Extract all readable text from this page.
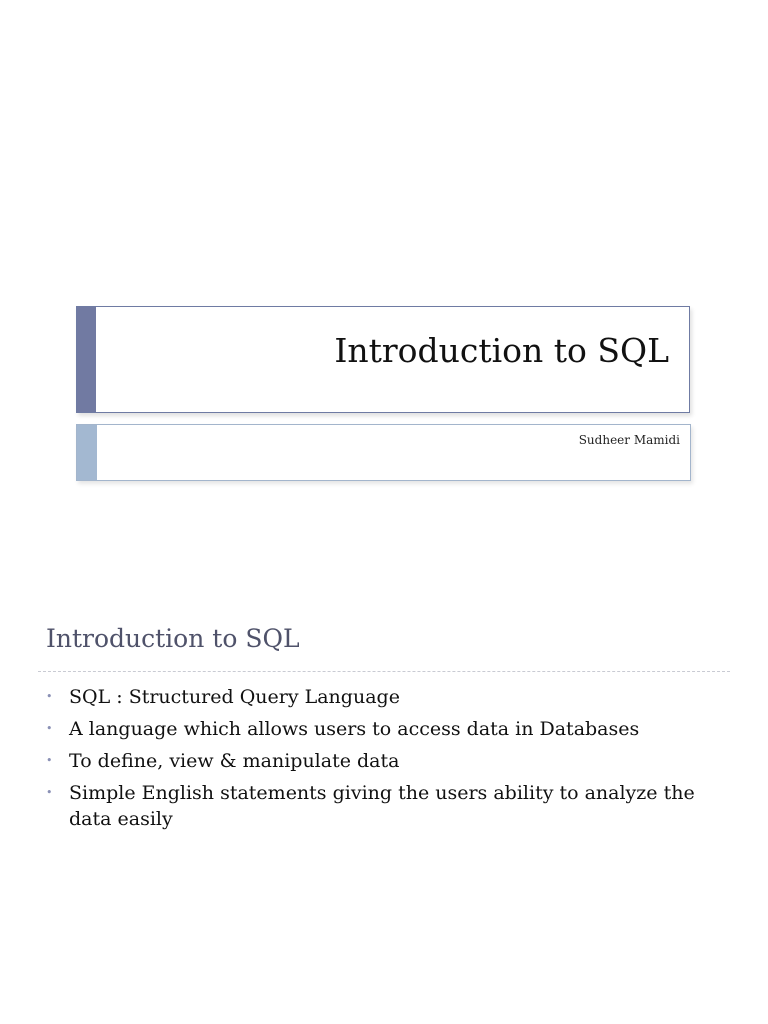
Introduction to SQL
Sudheer Mamidi
Introduction to SQL
• SQL : Structured Query Language
• A language which allows users to access data in Databases
• To define, view & manipulate data
• Simple English statements giving the users ability to analyze the data easily
